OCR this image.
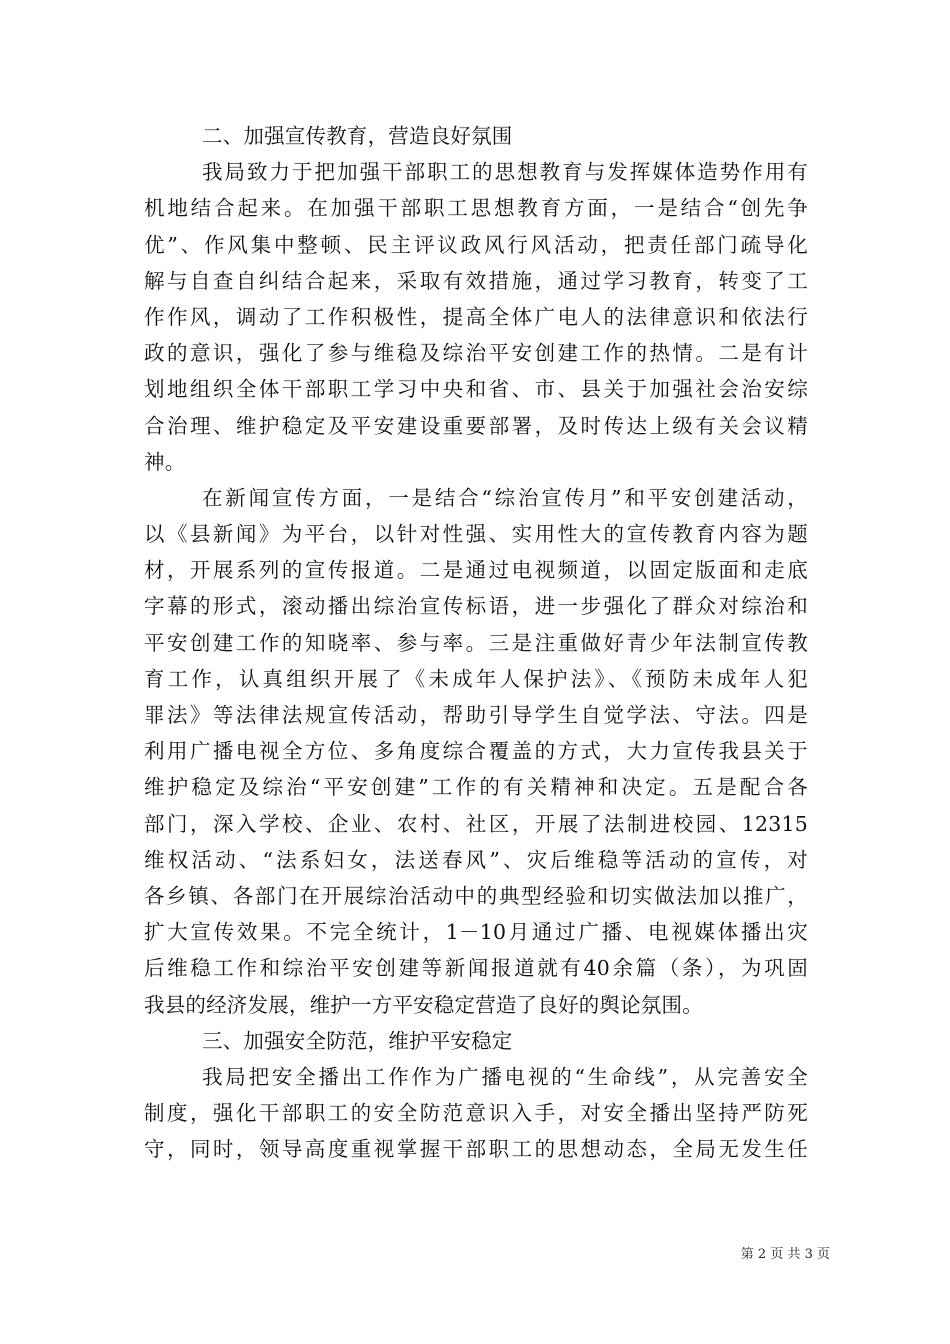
二、加强宣传教育，营造良好氛围
我局致力于把加强干部职工的思想教育与发挥媒体造势作用有
机地结合起来。在加强干部职工思想教育方面，一是结合“创先争
优”、作风集中整顿、民主评议政风行风活动，把责任部门疏导化
解与自查自纠结合起来，采取有效措施，通过学习教育，转变了工
作作风，调动了工作积极性，提高全体广电人的法律意识和依法行
政的意识，强化了参与维稳及综治平安创建工作的热情。二是有计
划地组织全体干部职工学习中央和省、市、县关于加强社会治安综
合治理、维护稳定及平安建设重要部署，及时传达上级有关会议精
神。
在新闻宣传方面，一是结合“综治宣传月”和平安创建活动，
以《县新闻》为平台，以针对性强、实用性大的宣传教育内容为题
材，开展系列的宣传报道。二是通过电视频道，以固定版面和走底
字幕的形式，滚动播出综治宣传标语，进一步强化了群众对综治和
平安创建工作的知晓率、参与率。三是注重做好青少年法制宣传教
育工作，认真组织开展了《未成年人保护法》、《预防未成年人犯
罪法》等法律法规宣传活动，帮助引导学生自觉学法、守法。四是
利用广播电视全方位、多角度综合覆盖的方式，大力宣传我县关于
维护稳定及综治“平安创建”工作的有关精神和决定。五是配合各
部门，深入学校、企业、农村、社区，开展了法制进校园、12315
维权活动、“法系妇女，法送春风”、灾后维稳等活动的宣传，对
各乡镇、各部门在开展综治活动中的典型经验和切实做法加以推广，
扩大宣传效果。不完全统计，1－10月通过广播、电视媒体播出灾
后维稳工作和综治平安创建等新闻报道就有40余篇（条），为巩固
我县的经济发展，维护一方平安稳定营造了良好的舆论氛围。
三、加强安全防范，维护平安稳定
我局把安全播出工作作为广播电视的“生命线”，从完善安全
制度，强化干部职工的安全防范意识入手，对安全播出坚持严防死
守，同时，领导高度重视掌握干部职工的思想动态，全局无发生任
第 2 页 共 3 页
